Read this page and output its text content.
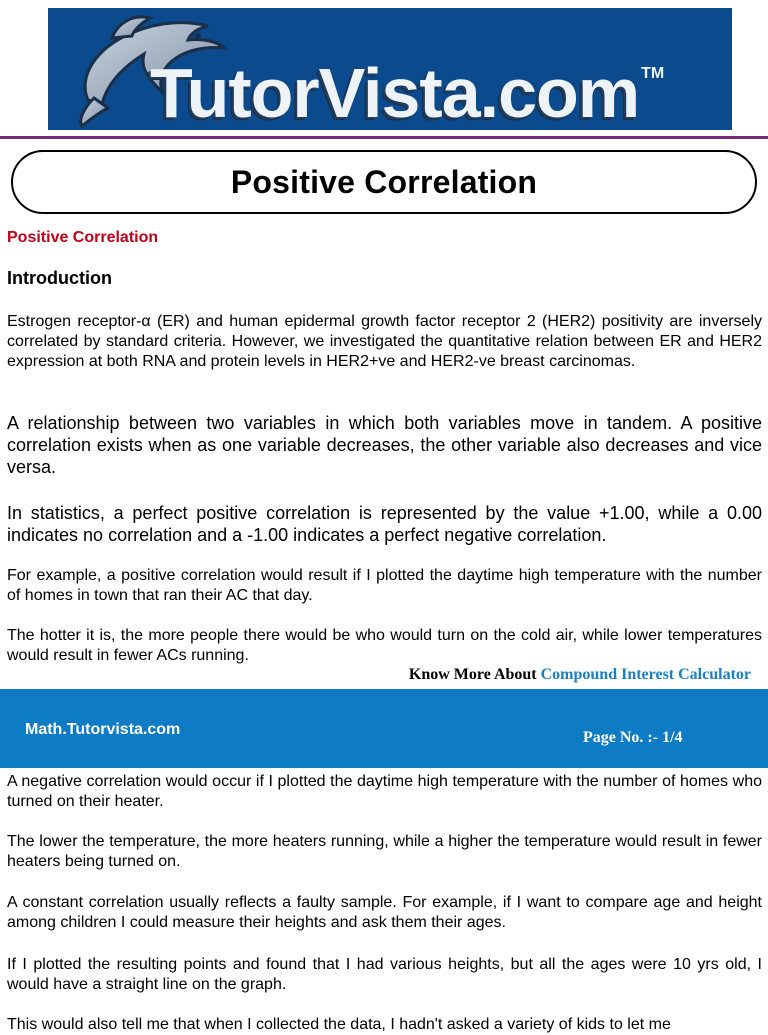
TutorVista.com ™
Positive Correlation
Positive Correlation
Introduction

Estrogen receptor-α (ER) and human epidermal growth factor receptor 2 (HER2) positivity are inversely correlated by standard criteria. However, we investigated the quantitative relation between ER and HER2 expression at both RNA and protein levels in HER2+ve and HER2-ve breast carcinomas.

A relationship between two variables in which both variables move in tandem. A positive correlation exists when as one variable decreases, the other variable also decreases and vice versa.

In statistics, a perfect positive correlation is represented by the value +1.00, while a 0.00 indicates no correlation and a -1.00 indicates a perfect negative correlation.

For example, a positive correlation would result if I plotted the daytime high temperature with the number of homes in town that ran their AC that day.

The hotter it is, the more people there would be who would turn on the cold air, while lower temperatures would result in fewer ACs running.

Know More About Compound Interest Calculator
Math.Tutorvista.com	Page No. :- 1/4

A negative correlation would occur if I plotted the daytime high temperature with the number of homes who turned on their heater.

The lower the temperature, the more heaters running, while a higher the temperature would result in fewer heaters being turned on.

A constant correlation usually reflects a faulty sample. For example, if I want to compare age and height among children I could measure their heights and ask them their ages.

If I plotted the resulting points and found that I had various heights, but all the ages were 10 yrs old, I would have a straight line on the graph.

This would also tell me that when I collected the data, I hadn't asked a variety of kids to let me
